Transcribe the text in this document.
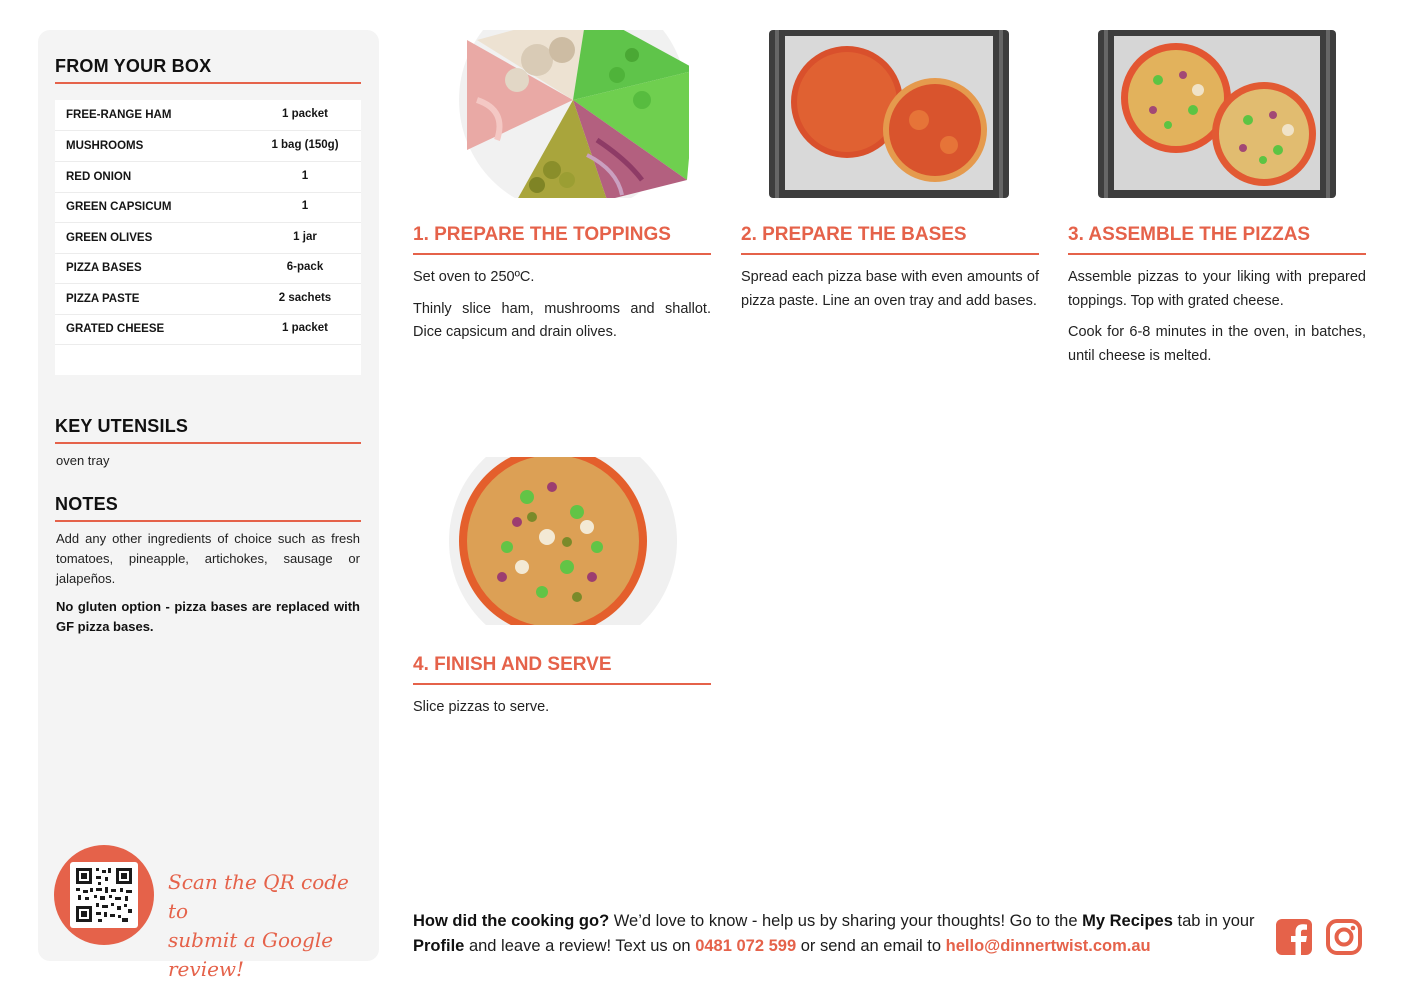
FROM YOUR BOX
FREE-RANGE HAM	1 packet
MUSHROOMS	1 bag (150g)
RED ONION	1
GREEN CAPSICUM	1
GREEN OLIVES	1 jar
PIZZA BASES	6-pack
PIZZA PASTE	2 sachets
GRATED CHEESE	1 packet
KEY UTENSILS
oven tray
NOTES

Add any other ingredients of choice such as fresh tomatoes, pineapple, artichokes, sausage or jalapeños.

No gluten option - pizza bases are replaced with GF pizza bases.

Scan the QR code to
submit a Google review!
1. PREPARE THE TOPPINGS

Set oven to 250ºC.

Thinly slice ham, mushrooms and shallot. Dice capsicum and drain olives.

2. PREPARE THE BASES

Spread each pizza base with even amounts of pizza paste. Line an oven tray and add bases.

3. ASSEMBLE THE PIZZAS

Assemble pizzas to your liking with prepared toppings. Top with grated cheese.

Cook for 6-8 minutes in the oven, in batches, until cheese is melted.

4. FINISH AND SERVE

Slice pizzas to serve.

How did the cooking go? We’d love to know - help us by sharing your thoughts! Go to the My Recipes tab in your Profile and leave a review! Text us on 0481 072 599 or send an email to hello@dinnertwist.com.au
